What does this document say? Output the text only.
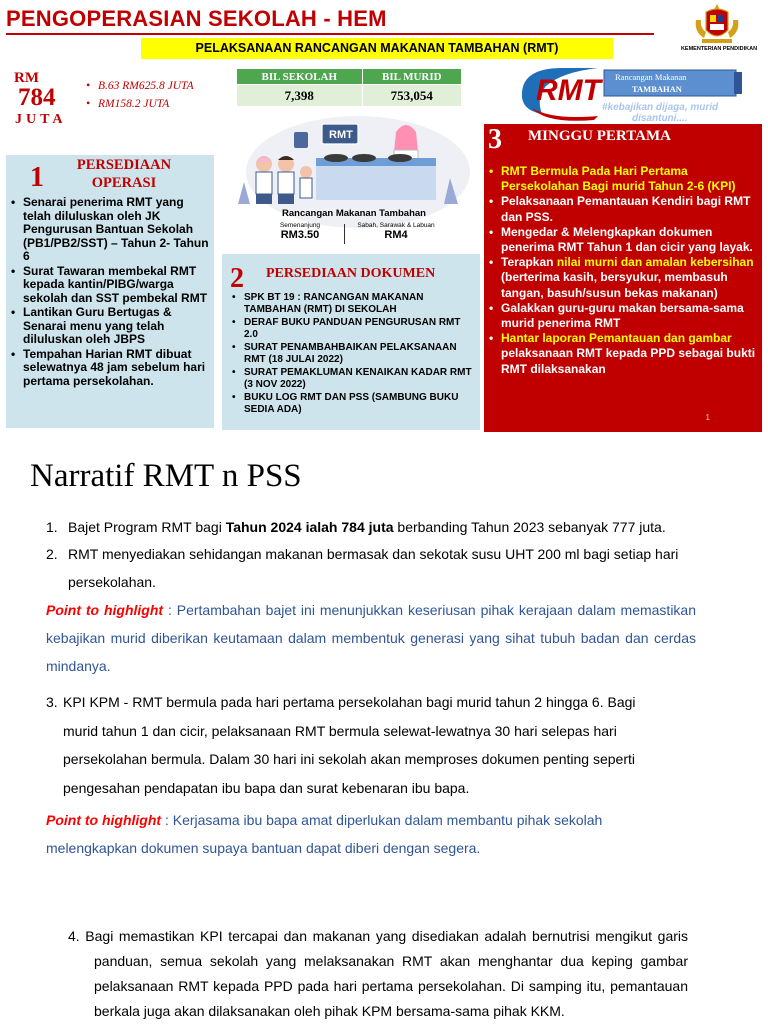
PENGOPERASIAN SEKOLAH - HEM
PELAKSANAAN RANCANGAN MAKANAN TAMBAHAN (RMT)	KEMENTERIAN PENDIDIKAN
RM
784
JUTA
• B.63 RM625.8 JUTA
• RM158.2 JUTA
BIL SEKOLAH	BIL MURID
7,398	753,054	RMT	Rancangan Makanan
TAMBAHAN
#kebajikan dijaga, murid
disantuni....
RMT
Rancangan Makanan Tambahan
Semenanjung
RM3.50
Sabah, Sarawak & Labuan
RM4
1	PERSEDIAAN
OPERASI
• Senarai penerima RMT yang telah diluluskan oleh JK Pengurusan Bantuan Sekolah (PB1/PB2/SST) – Tahun 2- Tahun 6
• Surat Tawaran membekal RMT kepada kantin/PIBG/warga sekolah dan SST pembekal RMT
• Lantikan Guru Bertugas & Senarai menu yang telah diluluskan oleh JBPS
• Tempahan Harian RMT dibuat selewatnya 48 jam sebelum hari pertama persekolahan.
2 PERSEDIAAN DOKUMEN
• SPK BT 19 : RANCANGAN MAKANAN TAMBAHAN (RMT) DI SEKOLAH
• DERAF BUKU PANDUAN PENGURUSAN RMT 2.0
• SURAT PENAMBAHBAIKAN PELAKSANAAN RMT (18 JULAI 2022)
• SURAT PEMAKLUMAN KENAIKAN KADAR RMT (3 NOV 2022)
• BUKU LOG RMT DAN PSS (SAMBUNG BUKU SEDIA ADA)
3 MINGGU PERTAMA
• RMT Bermula Pada Hari Pertama Persekolahan Bagi murid Tahun 2-6 (KPI)
• Pelaksanaan Pemantauan Kendiri bagi RMT dan PSS.
• Mengedar & Melengkapkan dokumen penerima RMT Tahun 1 dan cicir yang layak.
• Terapkan nilai murni dan amalan kebersihan (berterima kasih, bersyukur, membasuh tangan, basuh/susun bekas makanan)
• Galakkan guru-guru makan bersama-sama murid penerima RMT
• Hantar laporan Pemantauan dan gambar pelaksanaan RMT kepada PPD sebagai bukti RMT dilaksanakan
1
Narratif RMT n PSS
1. Bajet Program RMT bagi Tahun 2024 ialah 784 juta berbanding Tahun 2023 sebanyak 777 juta.
2. RMT menyediakan sehidangan makanan bermasak dan sekotak susu UHT 200 ml bagi setiap hari persekolahan.
Point to highlight : Pertambahan bajet ini menunjukkan keseriusan pihak kerajaan dalam memastikan kebajikan murid diberikan keutamaan dalam membentuk generasi yang sihat tubuh badan dan cerdas mindanya.
3. KPI KPM - RMT bermula pada hari pertama persekolahan bagi murid tahun 2 hingga 6. Bagi murid tahun 1 dan cicir, pelaksanaan RMT bermula selewat-lewatnya 30 hari selepas hari persekolahan bermula. Dalam 30 hari ini sekolah akan memproses dokumen penting seperti pengesahan pendapatan ibu bapa dan surat kebenaran ibu bapa.
Point to highlight : Kerjasama ibu bapa amat diperlukan dalam membantu pihak sekolah melengkapkan dokumen supaya bantuan dapat diberi dengan segera.
4. Bagi memastikan KPI tercapai dan makanan yang disediakan adalah bernutrisi mengikut garis panduan, semua sekolah yang melaksanakan RMT akan menghantar dua keping gambar pelaksanaan RMT kepada PPD pada hari pertama persekolahan. Di samping itu, pemantauan berkala juga akan dilaksanakan oleh pihak KPM bersama-sama pihak KKM.
